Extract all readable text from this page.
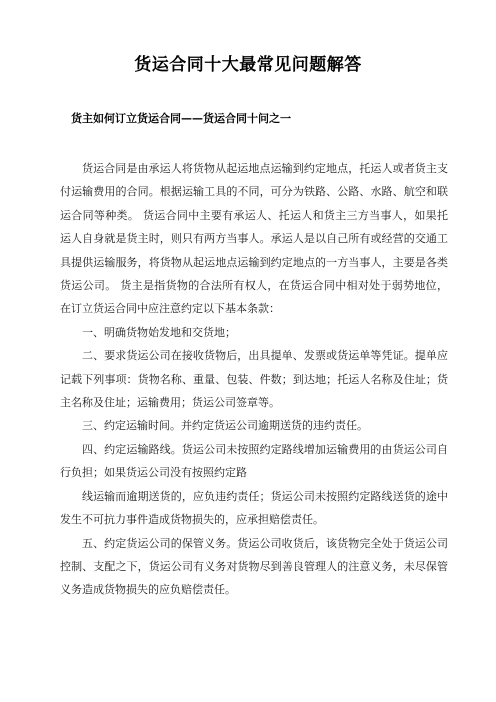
货运合同十大最常见问题解答
货主如何订立货运合同——货运合同十问之一

货运合同是由承运人将货物从起运地点运输到约定地点，托运人或者货主支付运输费用的合同。根据运输工具的不同，可分为铁路、公路、水路、航空和联运合同等种类。 货运合同中主要有承运人、托运人和货主三方当事人，如果托运人自身就是货主时，则只有两方当事人。承运人是以自己所有或经营的交通工具提供运输服务，将货物从起运地点运输到约定地点的一方当事人，主要是各类货运公司。 货主是指货物的合法所有权人，在货运合同中相对处于弱势地位，在订立货运合同中应注意约定以下基本条款：

一、明确货物始发地和交货地；

二、要求货运公司在接收货物后，出具提单、发票或货运单等凭证。提单应记载下列事项：货物名称、重量、包装、件数；到达地；托运人名称及住址；货主名称及住址；运输费用；货运公司签章等。

三、约定运输时间。并约定货运公司逾期送货的违约责任。

四、约定运输路线。货运公司未按照约定路线增加运输费用的由货运公司自行负担；如果货运公司没有按照约定路

线运输而逾期送货的，应负违约责任；货运公司未按照约定路线送货的途中发生不可抗力事件造成货物损失的，应承担赔偿责任。

五、约定货运公司的保管义务。货运公司收货后，该货物完全处于货运公司控制、支配之下，货运公司有义务对货物尽到善良管理人的注意义务，未尽保管义务造成货物损失的应负赔偿责任。
